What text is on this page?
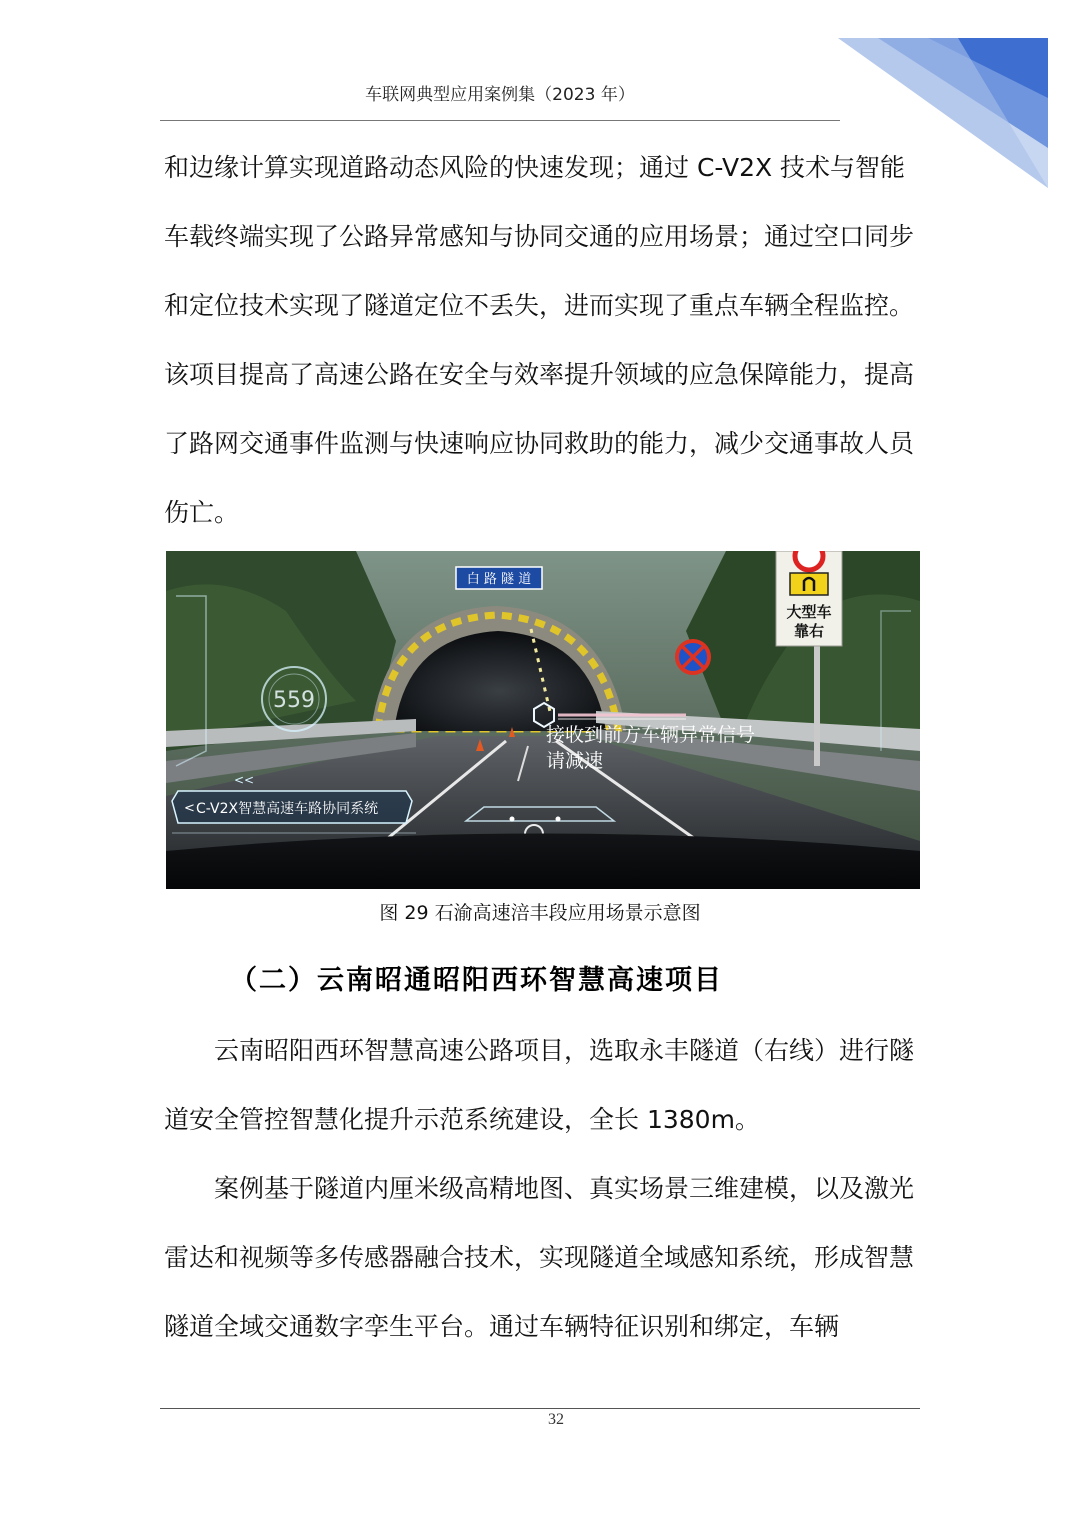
车联网典型应用案例集（2023 年）

和边缘计算实现道路动态风险的快速发现；通过 C-V2X 技术与智能车载终端实现了公路异常感知与协同交通的应用场景；通过空口同步和定位技术实现了隧道定位不丢失，进而实现了重点车辆全程监控。该项目提高了高速公路在安全与效率提升领域的应急保障能力，提高了路网交通事件监测与快速响应协同救助的能力，减少交通事故人员伤亡。

白 路 隧 道
大型车
靠右
559
接收到前方车辆异常信号
请减速
<<
< C-V2X智慧高速车路协同系统
图 29 石渝高速涪丰段应用场景示意图
（二）云南昭通昭阳西环智慧高速项目

云南昭阳西环智慧高速公路项目，选取永丰隧道（右线）进行隧道安全管控智慧化提升示范系统建设，全长 1380m。

案例基于隧道内厘米级高精地图、真实场景三维建模，以及激光雷达和视频等多传感器融合技术，实现隧道全域感知系统，形成智慧隧道全域交通数字孪生平台。通过车辆特征识别和绑定，车辆

32
